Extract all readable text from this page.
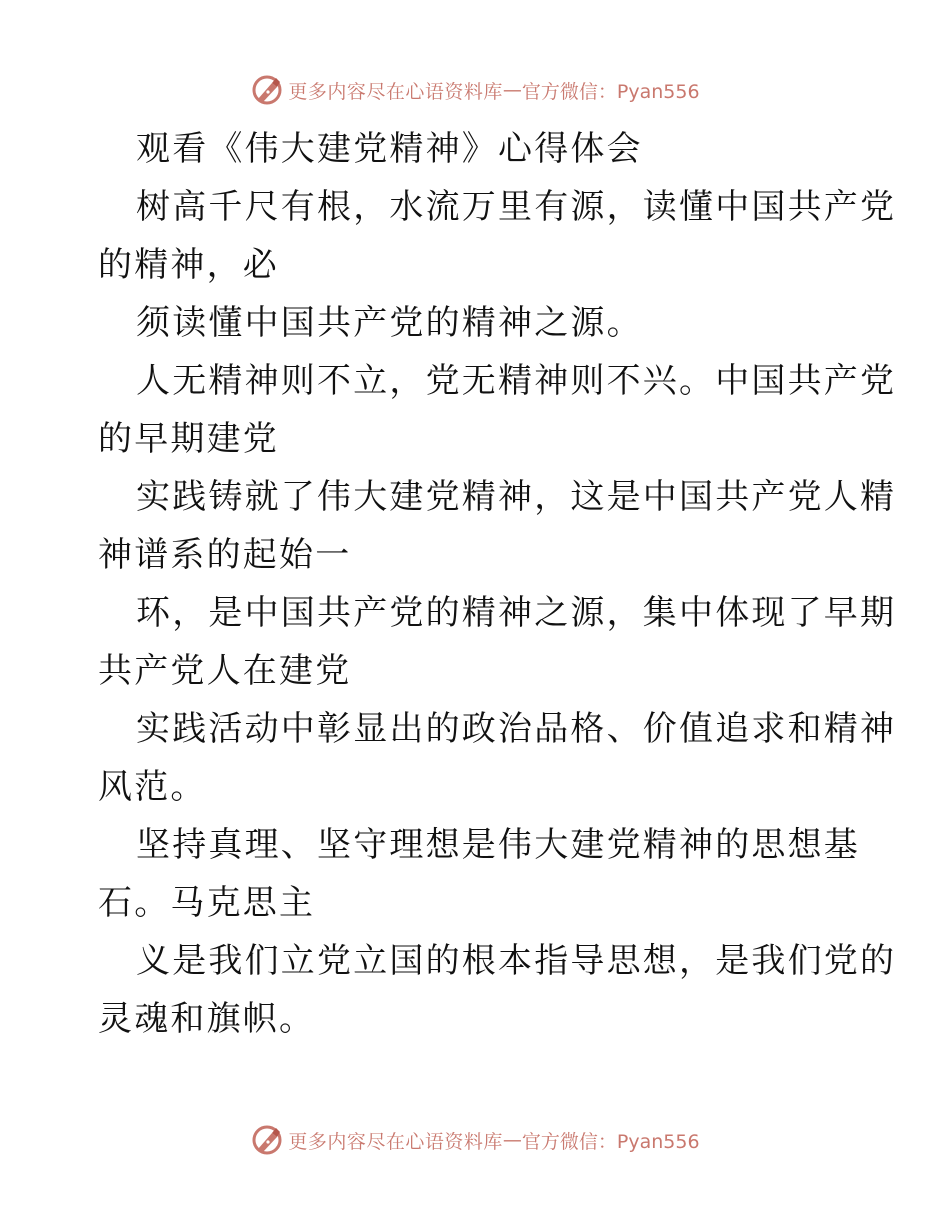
更多内容尽在心语资料库 — 官方微信：Pyan556
观看《伟大建党精神》心得体会
树高千尺有根，水流万里有源，读懂中国共产党
的精神，必
须读懂中国共产党的精神之源。
人无精神则不立，党无精神则不兴。中国共产党
的早期建党
实践铸就了伟大建党精神，这是中国共产党人精
神谱系的起始一
环，是中国共产党的精神之源，集中体现了早期
共产党人在建党
实践活动中彰显出的政治品格、价值追求和精神
风范。
坚持真理、坚守理想是伟大建党精神的思想基
石。马克思主
义是我们立党立国的根本指导思想，是我们党的
灵魂和旗帜。
更多内容尽在心语资料库 — 官方微信：Pyan556
